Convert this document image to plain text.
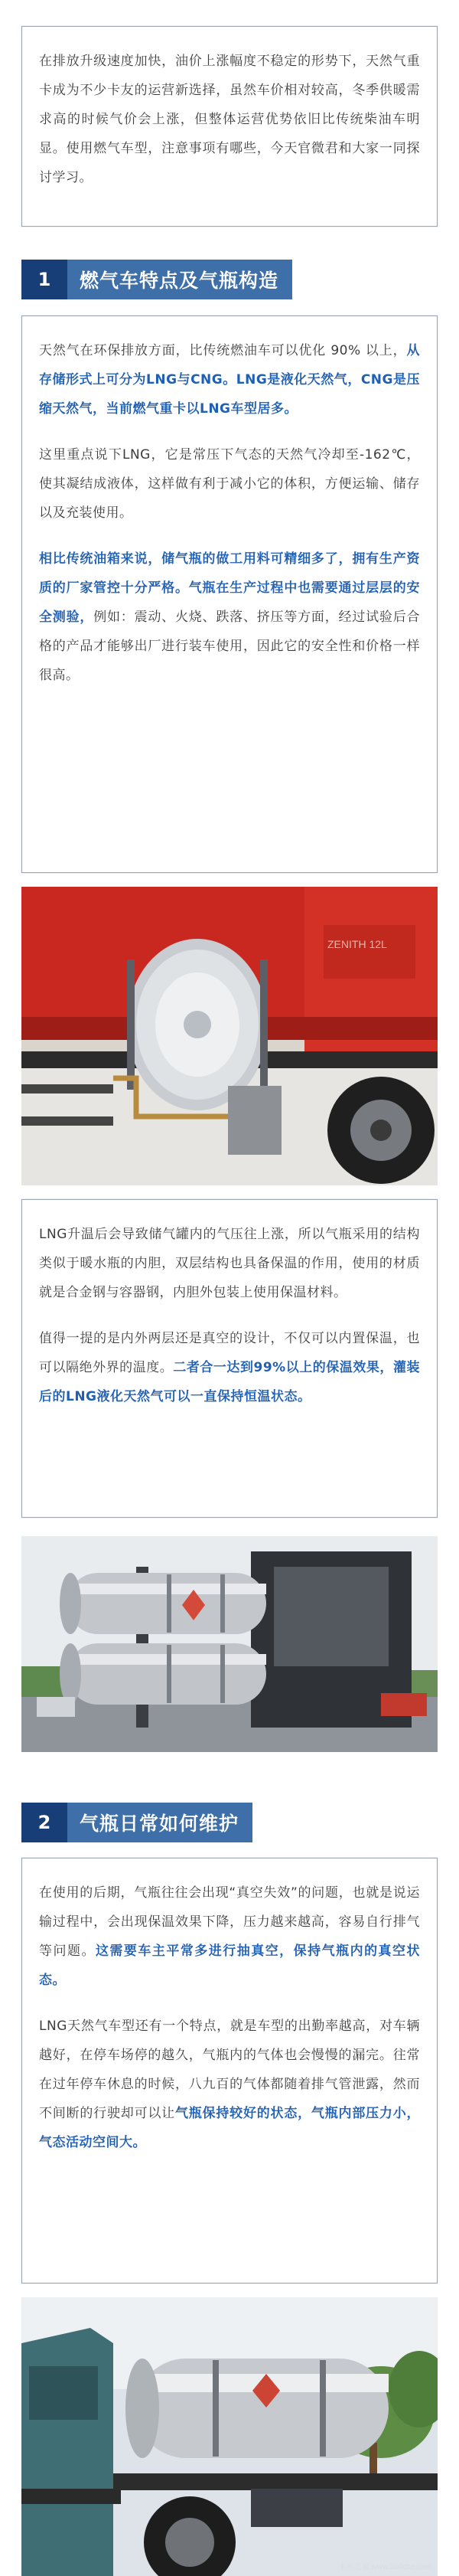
在排放升级速度加快，油价上涨幅度不稳定的形势下，天然气重卡成为不少卡友的运营新选择，虽然车价相对较高，冬季供暖需求高的时候气价会上涨，但整体运营优势依旧比传统柴油车明显。使用燃气车型，注意事项有哪些，今天官微君和大家一同探讨学习。

1	燃气车特点及气瓶构造

天然气在环保排放方面，比传统燃油车可以优化 90% 以上，从存储形式上可分为LNG与CNG。LNG是液化天然气，CNG是压缩天然气，当前燃气重卡以LNG车型居多。

这里重点说下LNG，它是常压下气态的天然气冷却至-162℃，使其凝结成液体，这样做有利于减小它的体积，方便运输、储存以及充装使用。

相比传统油箱来说，储气瓶的做工用料可精细多了，拥有生产资质的厂家管控十分严格。气瓶在生产过程中也需要通过层层的安全测验，例如：震动、火烧、跌落、挤压等方面，经过试验后合格的产品才能够出厂进行装车使用，因此它的安全性和价格一样很高。

ZENITH 12L

LNG升温后会导致储气罐内的气压往上涨，所以气瓶采用的结构类似于暖水瓶的内胆，双层结构也具备保温的作用，使用的材质就是合金钢与容器钢，内胆外包装上使用保温材料。

值得一提的是内外两层还是真空的设计，不仅可以内置保温，也可以隔绝外界的温度。二者合一达到99%以上的保温效果，灌装后的LNG液化天然气可以一直保持恒温状态。

2	气瓶日常如何维护

在使用的后期，气瓶往往会出现“真空失效”的问题，也就是说运输过程中，会出现保温效果下降，压力越来越高，容易自行排气等问题。这需要车主平常多进行抽真空，保持气瓶内的真空状态。

LNG天然气车型还有一个特点，就是车型的出勤率越高，对车辆越好，在停车场停的越久，气瓶内的气体也会慢慢的漏完。往常在过年停车休息的时候，八九百的气体都随着排气管泄露，然而不间断的行驶却可以让气瓶保持较好的状态，气瓶内部压力小，气态活动空间大。

卡车之家 www.360che.com
